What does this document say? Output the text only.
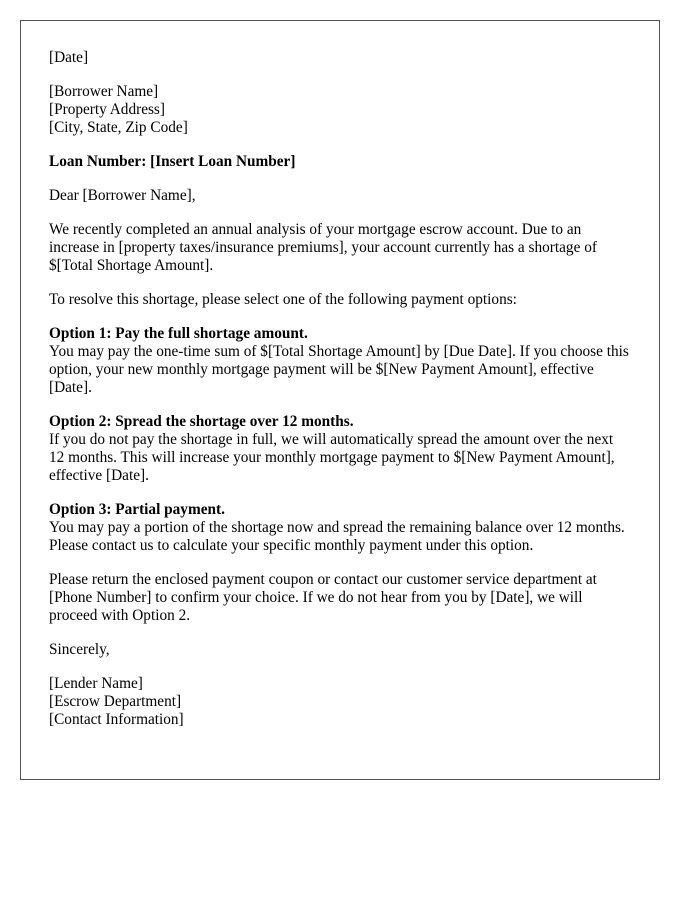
[Date]
[Borrower Name]
[Property Address]
[City, State, Zip Code]
Loan Number: [Insert Loan Number]

Dear [Borrower Name],

We recently completed an annual analysis of your mortgage escrow account. Due to an increase in [property taxes/insurance premiums], your account currently has a shortage of $[Total Shortage Amount].

To resolve this shortage, please select one of the following payment options:

Option 1: Pay the full shortage amount.
You may pay the one-time sum of $[Total Shortage Amount] by [Due Date]. If you choose this option, your new monthly mortgage payment will be $[New Payment Amount], effective [Date].
Option 2: Spread the shortage over 12 months.
If you do not pay the shortage in full, we will automatically spread the amount over the next 12 months. This will increase your monthly mortgage payment to $[New Payment Amount], effective [Date].
Option 3: Partial payment.
You may pay a portion of the shortage now and spread the remaining balance over 12 months. Please contact us to calculate your specific monthly payment under this option.

Please return the enclosed payment coupon or contact our customer service department at [Phone Number] to confirm your choice. If we do not hear from you by [Date], we will proceed with Option 2.

Sincerely,

[Lender Name]
[Escrow Department]
[Contact Information]
